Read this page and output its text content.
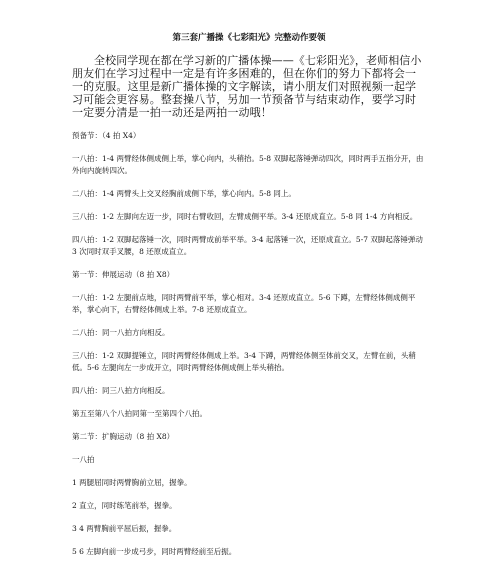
第三套广播操《七彩阳光》完整动作要领
全校同学现在都在学习新的广播体操——《七彩阳光》，老师相信小朋友们在学习过程中一定是有许多困难的，但在你们的努力下都将会一一的克服。这里是新广播体操的文字解读，请小朋友们对照视频一起学习可能会更容易。整套操八节，另加一节预备节与结束动作，要学习时一定要分清是一拍一动还是两拍一动哦！
预备节：（4 拍 X4）
一八拍：1-4 两臂经体侧成侧上举，掌心向内，头稍抬。5-8 双脚起落锤弹动四次，同时两手五指分开，由外向内旋转四次。
二八拍：1-4 两臂头上交叉经胸前成侧下举，掌心向内。5-8 同上。
三八拍：1-2 左脚向左迈一步，同时右臂收回，左臂成侧平举。3-4 还原成直立。5-8 同 1-4 方向相反。
四八拍：1-2 双脚起落锤一次，同时两臂成前举平举。3-4 起落锤一次，还原成直立。5-7 双脚起落锤弹动 3 次同时双手叉腰，8 还原成直立。
第一节：伸展运动（8 拍 X8）
一八拍：1-2 左腿前点地，同时两臂前平举，掌心相对。3-4 还原成直立。5-6 下蹲，左臂经体侧成侧平举，掌心向下，右臂经体侧成上举。7-8 还原成直立。
二八拍：同一八拍方向相反。
三八拍：1-2 双脚提锤立，同时两臂经体侧成上举。3-4 下蹲，两臂经体侧至体前交叉，左臂在前，头稍低。5-6 左腿向左一步成开立，同时两臂经体侧成侧上举头稍抬。
四八拍：同三八拍方向相反。
第五至第八个八拍同第一至第四个八拍。
第二节：扩胸运动（8 拍 X8）
一八拍
1 两腿屈同时两臂胸前立屈，握拳。
2 直立，同时练笔前举，握拳。
3 4 两臂胸前平屈后振，握拳。
5 6 左脚向前一步成弓步，同时两臂经前至后振。
